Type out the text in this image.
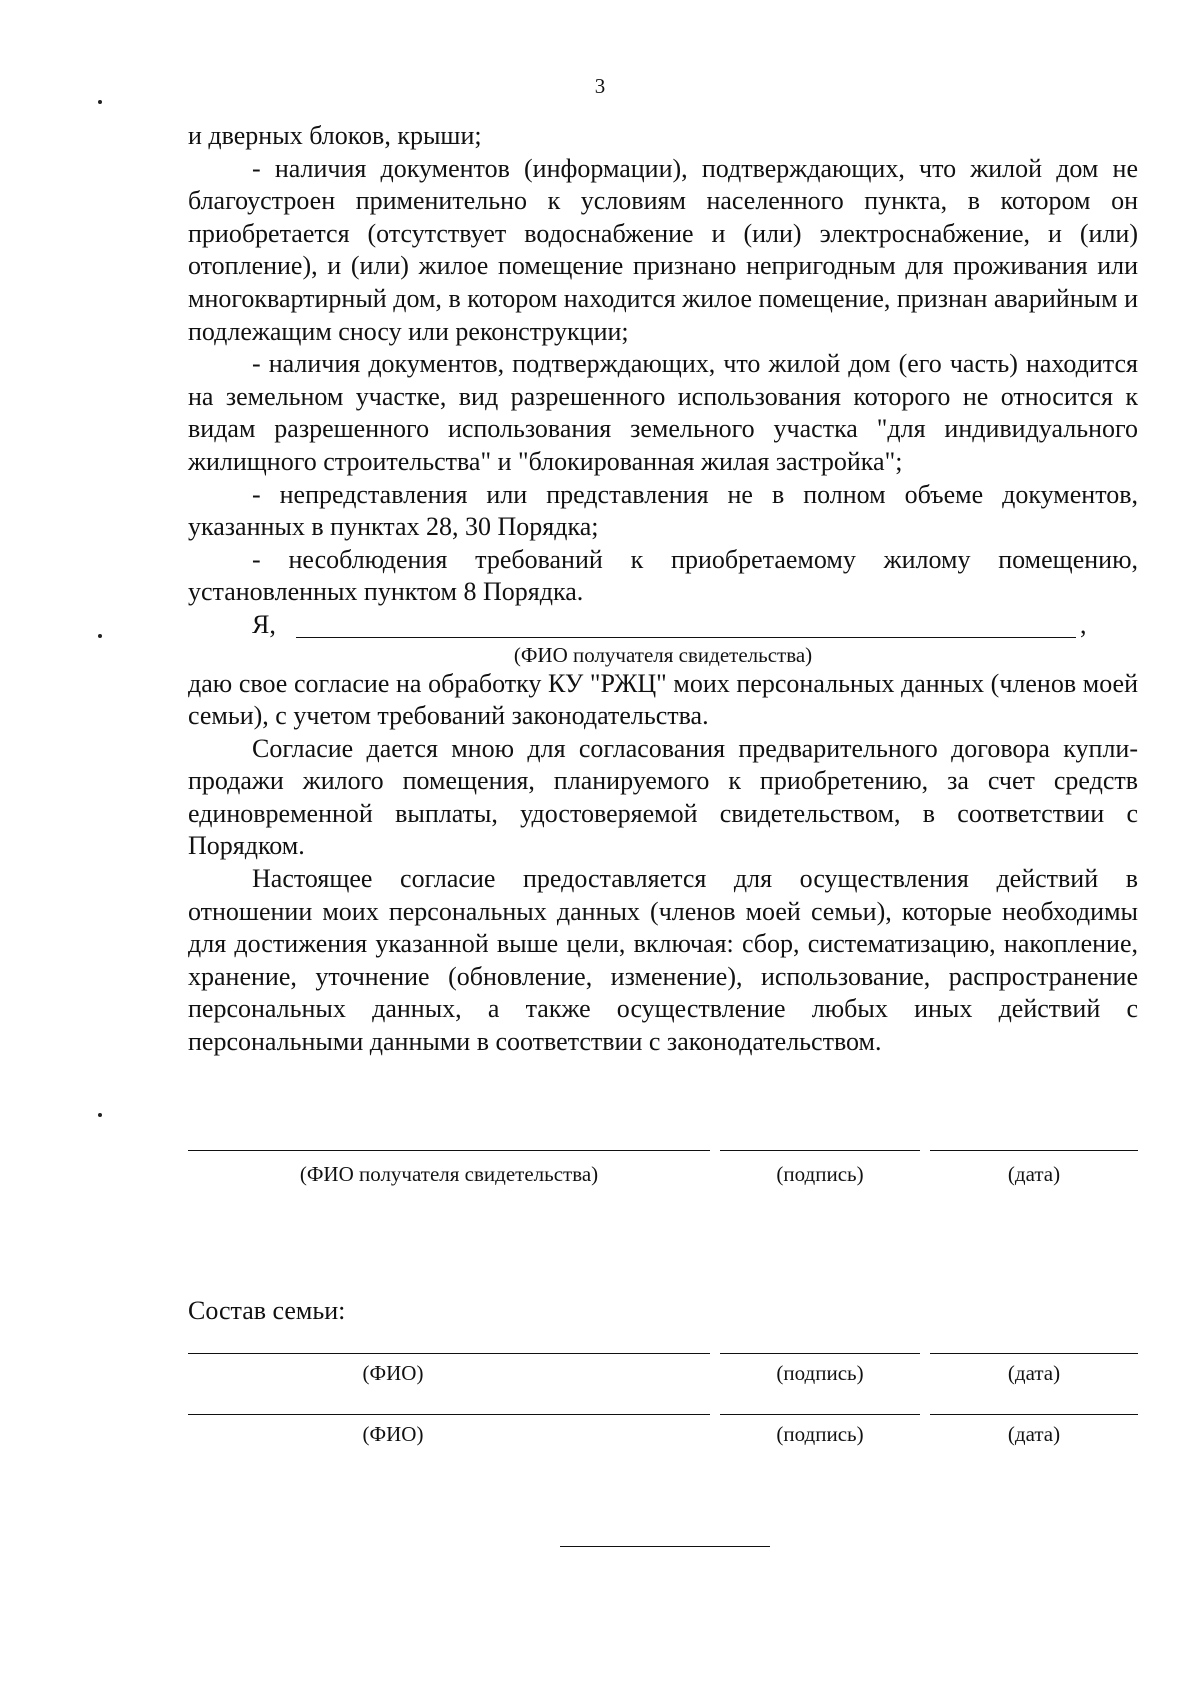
3

и дверных блоков, крыши;

- наличия документов (информации), подтверждающих, что жилой дом не благоустроен применительно к условиям населенного пункта, в котором он приобретается (отсутствует водоснабжение и (или) электроснабжение, и (или) отопление), и (или) жилое помещение признано непригодным для проживания или многоквартирный дом, в котором находится жилое помещение, признан аварийным и подлежащим сносу или реконструкции;

- наличия документов, подтверждающих, что жилой дом (его часть) находится на земельном участке, вид разрешенного использования которого не относится к видам разрешенного использования земельного участка "для индивидуального жилищного строительства" и "блокированная жилая застройка";

- непредставления или представления не в полном объеме документов, указанных в пунктах 28, 30 Порядка;

- несоблюдения требований к приобретаемому жилому помещению, установленных пунктом 8 Порядка.

Я,	,
(ФИО получателя свидетельства)

даю свое согласие на обработку КУ "РЖЦ" моих персональных данных (членов моей семьи), с учетом требований законодательства.

Согласие дается мною для согласования предварительного договора купли-продажи жилого помещения, планируемого к приобретению, за счет средств единовременной выплаты, удостоверяемой свидетельством, в соответствии с Порядком.

Настоящее согласие предоставляется для осуществления действий в отношении моих персональных данных (членов моей семьи), которые необходимы для достижения указанной выше цели, включая: сбор, систематизацию, накопление, хранение, уточнение (обновление, изменение), использование, распространение персональных данных, а также осуществление любых иных действий с персональными данными в соответствии с законодательством.

(ФИО получателя свидетельства)	(подпись)	(дата)
Состав семьи:
(ФИО)	(подпись)	(дата)
(ФИО)	(подпись)	(дата)
